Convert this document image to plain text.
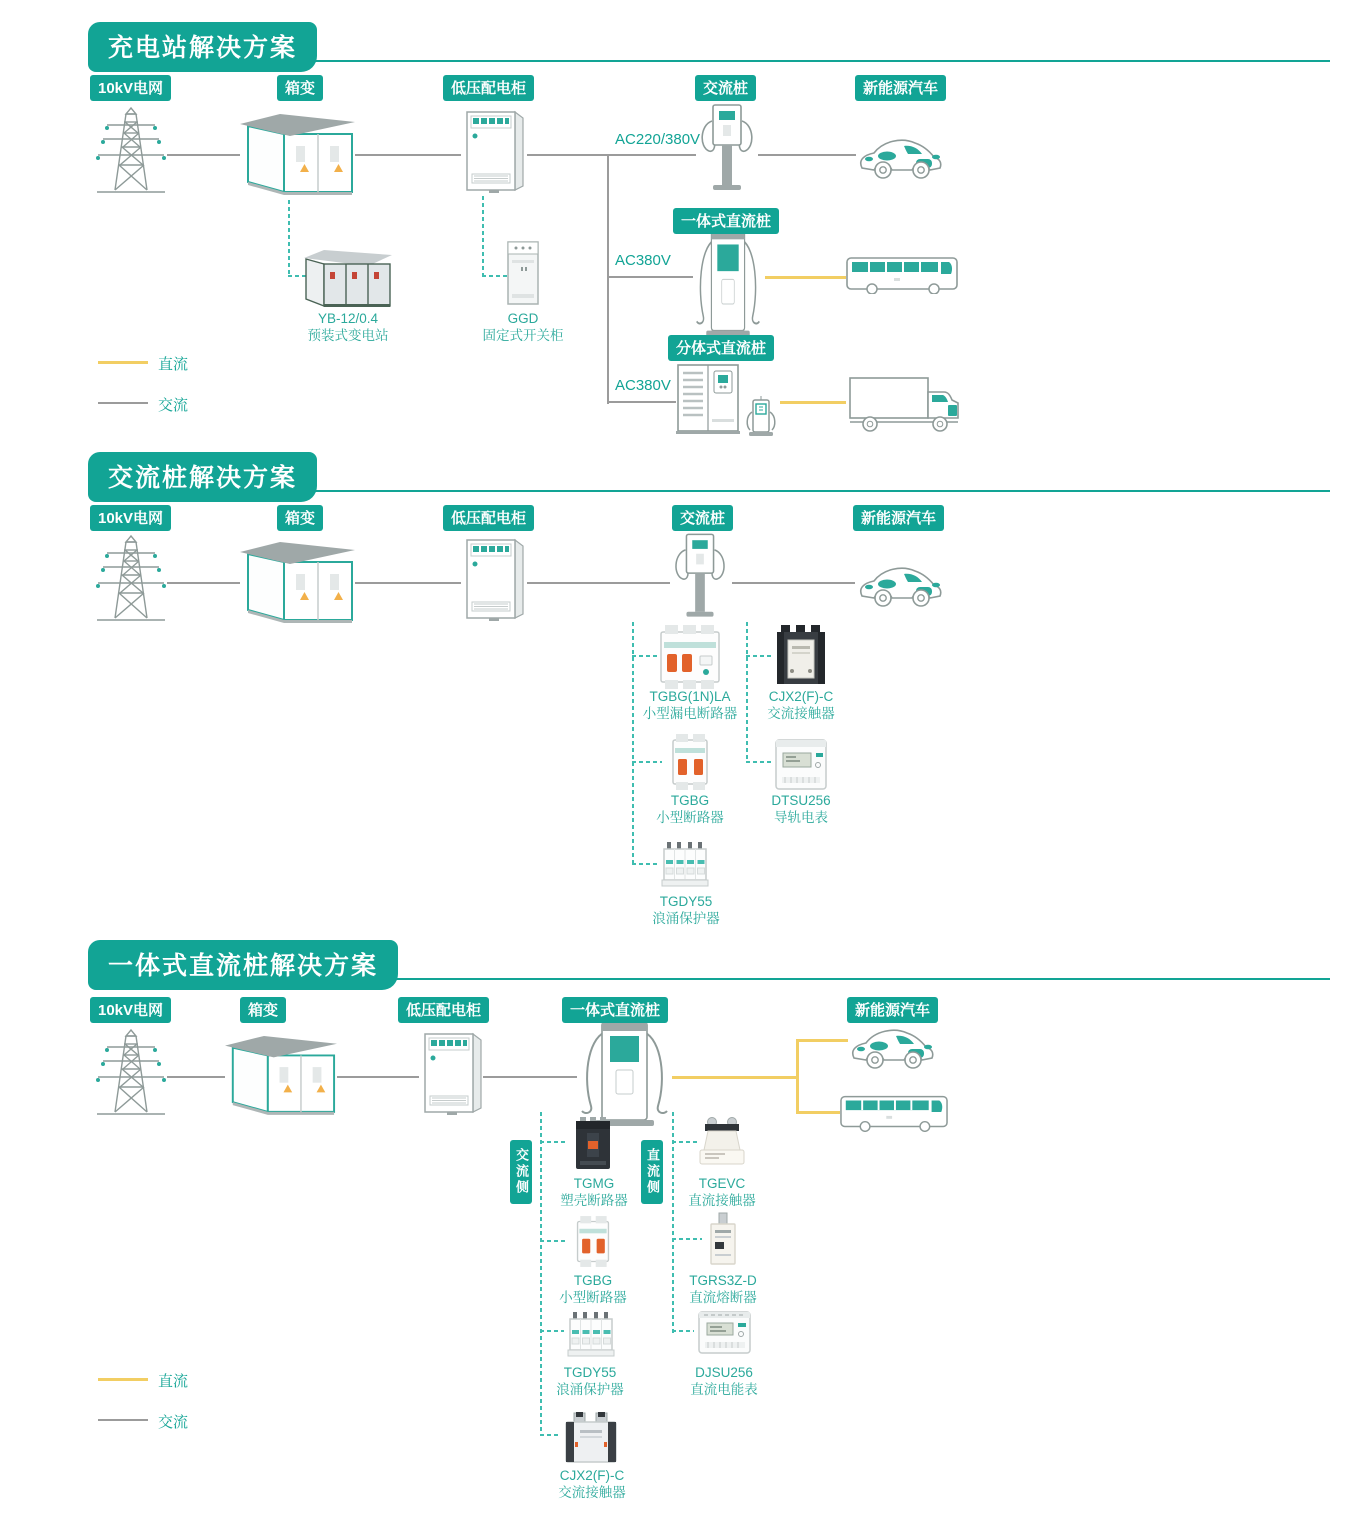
充电站解决方案
10kV电网	箱变	低压配电柜	交流桩	新能源汽车
AC220/380V
AC380V
一体式直流桩
AC380V
分体式直流桩
YB-12/0.4
预装式变电站
GGD
固定式开关柜
直流
交流
交流桩解决方案
10kV电网	箱变	低压配电柜	交流桩	新能源汽车
TGBG(1N)LA
小型漏电断路器
CJX2(F)-C
交流接触器
TGBG
小型断路器
DTSU256
导轨电表
TGDY55
浪涌保护器
一体式直流桩解决方案
10kV电网	箱变	低压配电柜	一体式直流桩	新能源汽车
交流侧	直流侧
TGMG
塑壳断路器
TGEVC
直流接触器
TGBG
小型断路器
TGRS3Z-D
直流熔断器
TGDY55
浪涌保护器
DJSU256
直流电能表
CJX2(F)-C
交流接触器
直流
交流
